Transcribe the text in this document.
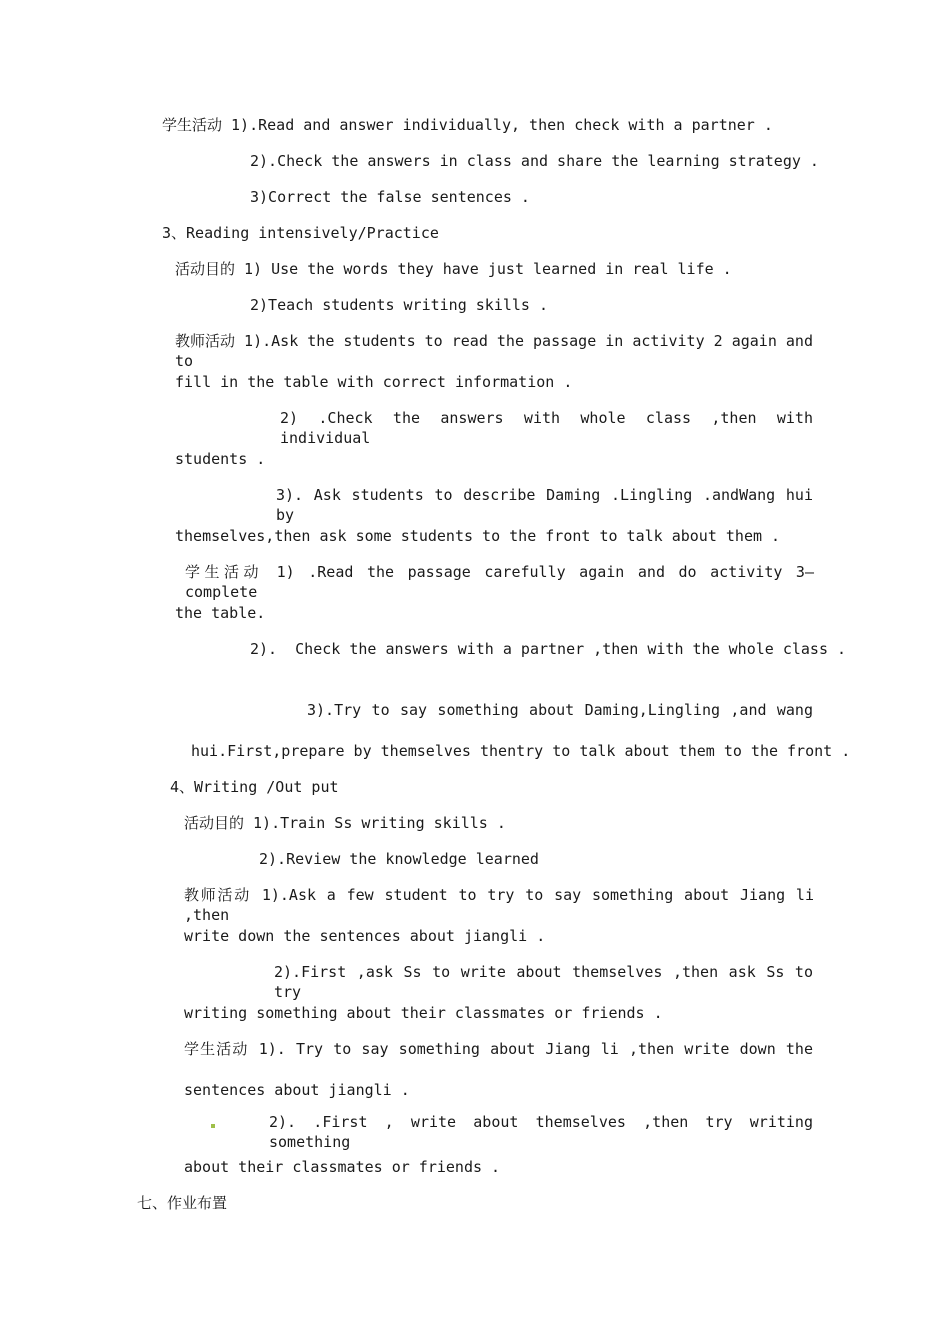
学生活动 1).Read and answer individually, then check with a partner .
2).Check the answers in class and share the learning strategy .
3)Correct the false sentences .
3、Reading intensively/Practice
活动目的 1) Use the words they have just learned in real life .
2)Teach students writing skills .
教师活动 1).Ask the students to read the passage in activity 2 again and to
fill in the table with correct information .
2) .Check the answers with whole class ,then with individual
students .
3). Ask students to describe Daming .Lingling .andWang hui by
themselves,then ask some students to the front to talk about them .
学生活动 1) .Read the passage carefully again and do activity 3—complete
the table.
2).  Check the answers with a partner ,then with the whole class .
3).Try to say something about Daming,Lingling ,and wang
hui.First,prepare by themselves thentry to talk about them to the front .
4、Writing /Out put
活动目的 1).Train Ss writing skills .
2).Review the knowledge learned
教师活动 1).Ask a few student to try to say something about Jiang li ,then
write down the sentences about jiangli .
2).First ,ask Ss to write about themselves ,then ask Ss to try
writing something about their classmates or friends .
学生活动 1). Try to say something about Jiang li ,then write down the
sentences about jiangli .
2). .First , write about themselves ,then try writing something
about their classmates or friends .
七、作业布置
